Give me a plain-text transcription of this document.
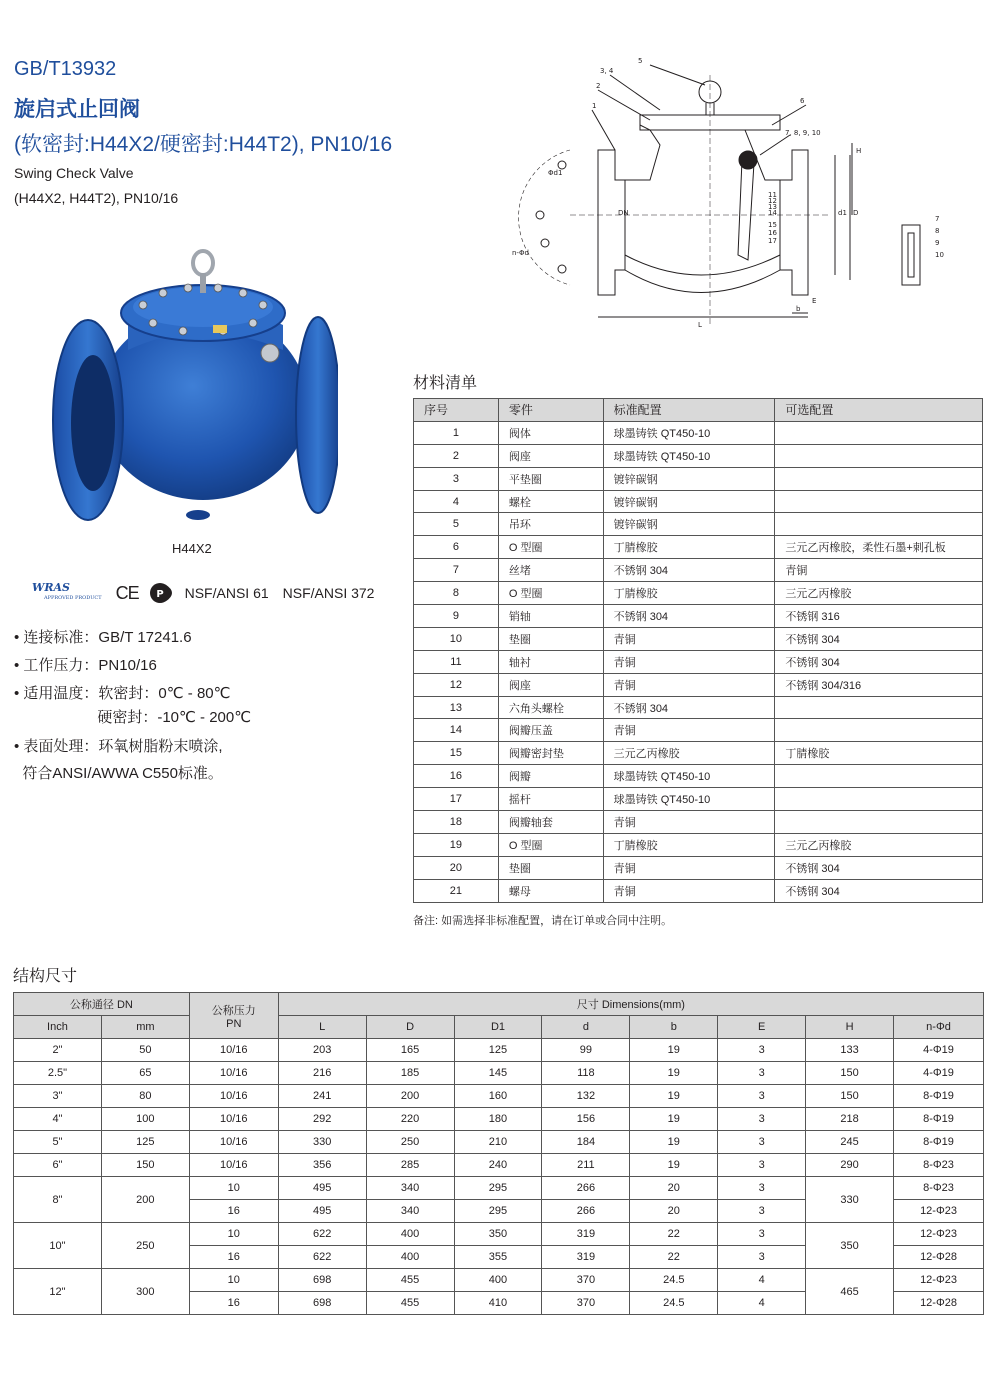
GB/T13932
旋启式止回阀
(软密封:H44X2/硬密封:H44T2), PN10/16
Swing Check Valve
(H44X2, H44T2), PN10/16
H44X2
WRAS
APPROVED PRODUCT CE P NSF/ANSI 61 NSF/ANSI 372
• 连接标准：GB/T 17241.6
• 工作压力：PN10/16
• 适用温度：软密封：0℃ - 80℃
硬密封：-10℃ - 200℃
• 表面处理：环氧树脂粉末喷涂,
符合ANSI/AWWA C550标准。
5
3, 4
2
1
6
7, 8, 9, 10
11
12
13
14
15
16
17
7
8
9
10
H
D
d1
DN
Φd1
n-Φd
L
b
E
材料清单
序号	零件	标准配置	可选配置
1	阀体	球墨铸铁 QT450-10	
2	阀座	球墨铸铁 QT450-10	
3	平垫圈	镀锌碳钢	
4	螺栓	镀锌碳钢	
5	吊环	镀锌碳钢	
6	O 型圈	丁腈橡胶	三元乙丙橡胶，柔性石墨+刺孔板
7	丝堵	不锈钢 304	青铜
8	O 型圈	丁腈橡胶	三元乙丙橡胶
9	销轴	不锈钢 304	不锈钢 316
10	垫圈	青铜	不锈钢 304
11	轴衬	青铜	不锈钢 304
12	阀座	青铜	不锈钢 304/316
13	六角头螺栓	不锈钢 304	
14	阀瓣压盖	青铜	
15	阀瓣密封垫	三元乙丙橡胶	丁腈橡胶
16	阀瓣	球墨铸铁 QT450-10	
17	摇杆	球墨铸铁 QT450-10	
18	阀瓣轴套	青铜	
19	O 型圈	丁腈橡胶	三元乙丙橡胶
20	垫圈	青铜	不锈钢 304
21	螺母	青铜	不锈钢 304
备注: 如需选择非标准配置，请在订单或合同中注明。
结构尺寸
公称通径 DN		公称压力
PN	尺寸 Dimensions(mm)							
Inch	mm		L	D	D1	d	b	E	H	n-Φd
2"	50	10/16	203	165	125	99	19	3	133	4-Φ19
2.5"	65	10/16	216	185	145	118	19	3	150	4-Φ19
3"	80	10/16	241	200	160	132	19	3	150	8-Φ19
4"	100	10/16	292	220	180	156	19	3	218	8-Φ19
5"	125	10/16	330	250	210	184	19	3	245	8-Φ19
6"	150	10/16	356	285	240	211	19	3	290	8-Φ23
8"	200	10	495	340	295	266	20	3	330	8-Φ23
		16	495	340	295	266	20	3		12-Φ23
10"	250	10	622	400	350	319	22	3	350	12-Φ23
		16	622	400	355	319	22	3		12-Φ28
12"	300	10	698	455	400	370	24.5	4	465	12-Φ23
		16	698	455	410	370	24.5	4		12-Φ28
